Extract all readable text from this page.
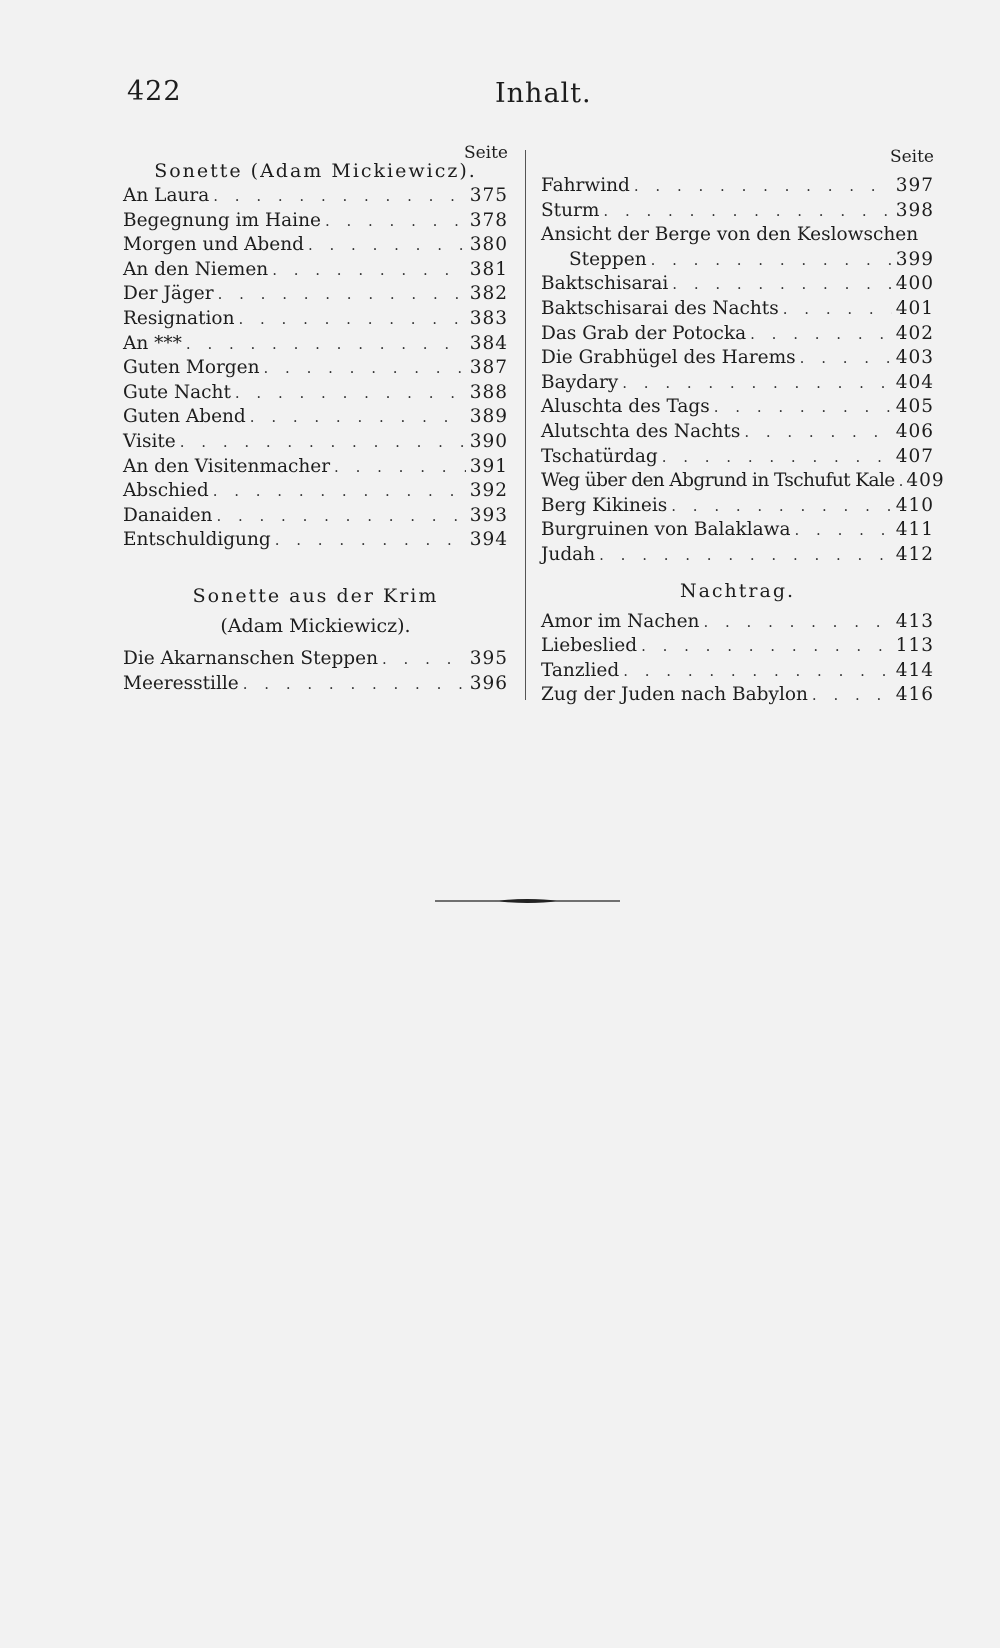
422	Inhalt.
Seite
Sonette (Adam Mickiewicz).
An Laura . . .	375
Begegnung im Haine . . .	378
Morgen und Abend . . .	380
An den Niemen . . .	381
Der Jäger . . .	382
Resignation . . .	383
An *** . . .	384
Guten Morgen . . .	387
Gute Nacht . . .	388
Guten Abend . . .	389
Visite . . .	390
An den Visitenmacher . . .	391
Abschied . . .	392
Danaiden . . .	393
Entschuldigung . . .	394
Sonette aus der Krim
(Adam Mickiewicz).
Die Akarnanschen Steppen . . .	395
Meeresstille . . .	396
Seite
Fahrwind . . .	397
Sturm . . .	398
Ansicht der Berge von den Keslowschen
Steppen . . .	399
Baktschisarai . . .	400
Baktschisarai des Nachts . . .	401
Das Grab der Potocka . . .	402
Die Grabhügel des Harems . . .	403
Baydary . . .	404
Aluschta des Tags . . .	405
Alutschta des Nachts . . .	406
Tschatürdag . . .	407
Weg über den Abgrund in Tschufut Kale . . . 409
Berg Kikineis . . .	410
Burgruinen von Balaklawa . . .	411
Judah . . .	412
Nachtrag.
Amor im Nachen . . .	413
Liebeslied . . .	113
Tanzlied . . .	414
Zug der Juden nach Babylon . . .	416
